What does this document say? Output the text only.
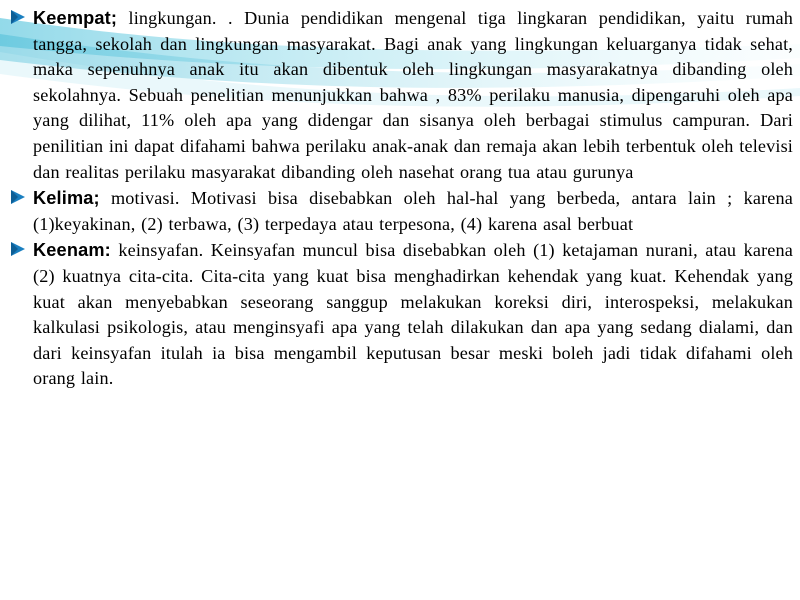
Keempat; lingkungan. . Dunia pendidikan mengenal tiga lingkaran pendidikan, yaitu rumah tangga, sekolah dan lingkungan masyarakat. Bagi anak yang lingkungan keluarganya tidak sehat, maka sepenuhnya anak itu akan dibentuk oleh lingkungan masyarakatnya dibanding oleh sekolahnya. Sebuah penelitian menunjukkan bahwa , 83% perilaku manusia, dipengaruhi oleh apa yang dilihat, 11% oleh apa yang didengar dan sisanya oleh berbagai stimulus campuran. Dari penilitian ini dapat difahami bahwa perilaku anak-anak dan remaja akan lebih terbentuk oleh televisi dan realitas perilaku masyarakat dibanding oleh nasehat orang tua atau gurunya
Kelima; motivasi. Motivasi bisa disebabkan oleh hal-hal yang berbeda, antara lain ; karena (1)keyakinan, (2) terbawa, (3) terpedaya atau terpesona, (4) karena asal berbuat
Keenam: keinsyafan. Keinsyafan muncul bisa disebabkan oleh (1) ketajaman nurani, atau karena (2) kuatnya cita-cita. Cita-cita yang kuat bisa menghadirkan kehendak yang kuat. Kehendak yang kuat akan menyebabkan seseorang sanggup melakukan koreksi diri, interospeksi, melakukan kalkulasi psikologis, atau menginsyafi apa yang telah dilakukan dan apa yang sedang dialami, dan dari keinsyafan itulah ia bisa mengambil keputusan besar meski boleh jadi tidak difahami oleh orang lain.
